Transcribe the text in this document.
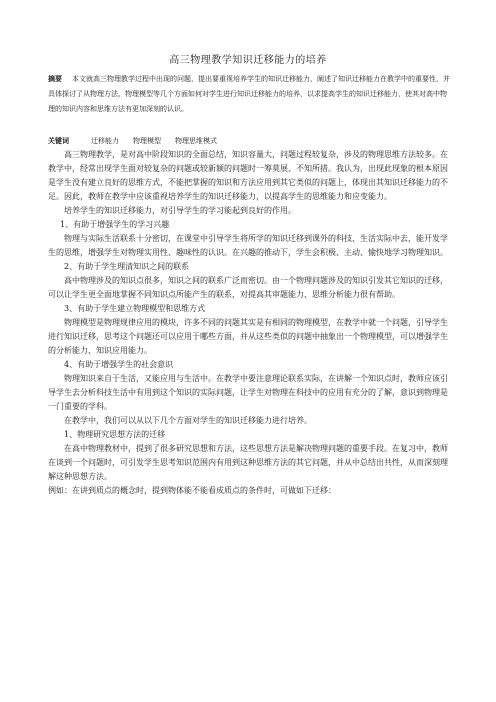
高三物理教学知识迁移能力的培养
摘要 本文就高三物理教学过程中出现的问题，提出要重视培养学生的知识迁移能力，阐述了知识迁移能力在教学中的重要性，并具体探讨了从物理方法、物理模型等几个方面如何对学生进行知识迁移能力的培养，以求提高学生的知识迁移能力，使其对高中物理的知识内容和思维方法有更加深刻的认识。
关键词	迁移能力 物理模型 物理思维模式

高三物理教学，是对高中阶段知识的全面总结，知识容量大，问题过程较复杂，涉及的物理思维方法较多。在教学中，经常出现学生面对较复杂的问题或较新颖的问题时一筹莫展、不知所措。我认为，出现此现象的根本原因是学生没有建立良好的思维方式，不能把掌握的知识和方法应用到其它类似的问题上，体现出其知识迁移能力的不足。因此，教师在教学中应该重视培养学生的知识迁移能力，以提高学生的思维能力和应变能力。

培养学生的知识迁移能力，对引导学生的学习能起到良好的作用。

1、有助于增强学生的学习兴趣

物理与实际生活联系十分密切，在课堂中引导学生将所学的知识迁移到课外的科技、生活实际中去，能开发学生的思维，增强学生对物理实用性、趣味性的认识。在兴趣的推动下，学生会积极、主动、愉快地学习物理知识。

2、有助于学生理清知识之间的联系

高中物理涉及的知识点很多，知识之间的联系广泛而密切。由一个物理问题涉及的知识引发其它知识的迁移，可以让学生更全面地掌握不同知识点所能产生的联系，对提高其审题能力、思维分析能力很有帮助。

3、有助于学生建立物理模型和思维方式

物理模型是物理规律应用的模块，许多不同的问题其实是有相同的物理模型，在教学中就一个问题，引导学生进行知识迁移，思考这个问题还可以应用于哪些方面，并从这些类似的问题中抽象出一个物理模型，可以增强学生的分析能力、知识应用能力。

4、有助于增强学生的社会意识

物理知识来自于生活，又能应用与生活中。在教学中要注意理论联系实际，在讲解一个知识点时，教师应该引导学生去分析科技生活中有用到这个知识的实际问题，让学生对物理在科技中的应用有充分的了解，意识到物理是一门重要的学科。

在教学中，我们可以从以下几个方面对学生的知识迁移能力进行培养。

1、物理研究思想方法的迁移

在高中物理教材中，提到了很多研究思想和方法，这些思想方法是解决物理问题的重要手段。在复习中，教师在谈到一个问题时，可引发学生思考知识范围内有用到这种思维方法的其它问题，并从中总结出共性，从而深刻理解这种思想方法。

例如：在讲到质点的概念时，提到物体能不能看成质点的条件时，可做如下迁移：
